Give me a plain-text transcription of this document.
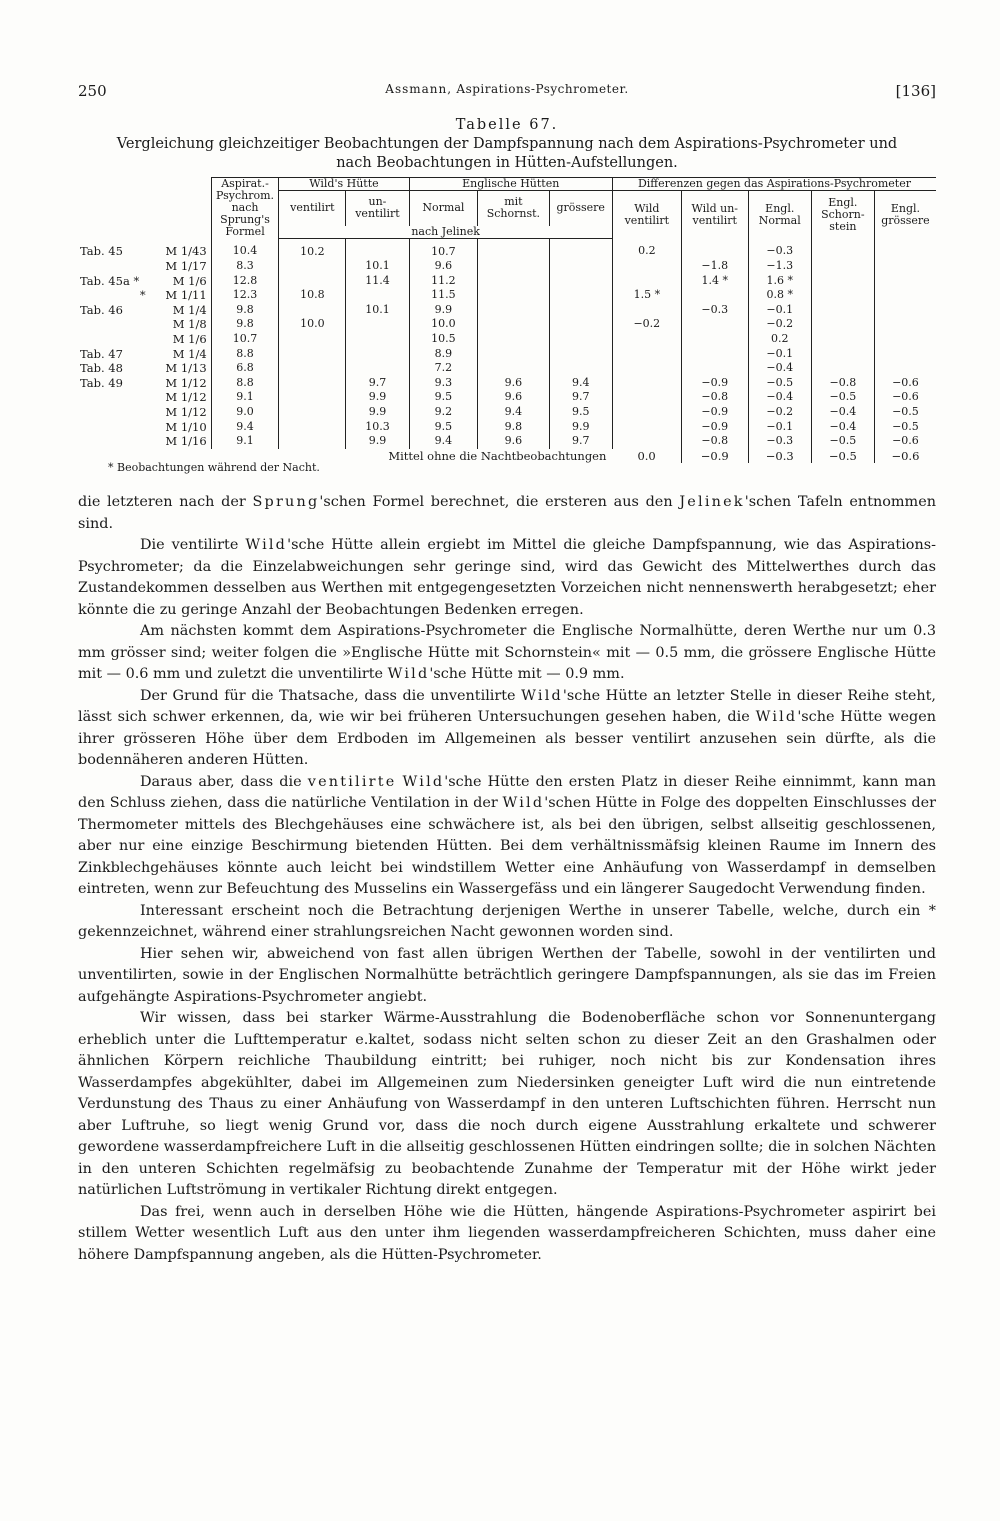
250	Assmann, Aspirations-Psychrometer.	[136]
Tabelle 67.
Vergleichung gleichzeitiger Beobachtungen der Dampfspannung nach dem Aspirations-Psychrometer und
nach Beobachtungen in Hütten-Aufstellungen.
		Aspirat.-Psychrom. nach Sprung's Formel	Wild's Hütte		Englische Hütten			Differenzen gegen das Aspirations-Psychrometer				
			ventilirt	un-ventilirt	Normal	mit Schornst.	grössere	Wild ventilirt	Wild un-ventilirt	Engl. Normal	Engl. Schorn-stein	Engl. grössere
			nach Jelinek									
Tab. 45	M 1/43	10.4	10.2		10.7			0.2		−0.3		
	M 1/17	8.3		10.1	9.6				−1.8	−1.3		
Tab. 45a *	M 1/6	12.8		11.4	11.2				1.4 *	1.6 *		
*	M 1/11	12.3	10.8		11.5			1.5 *		0.8 *		
Tab. 46	M 1/4	9.8		10.1	9.9				−0.3	−0.1		
	M 1/8	9.8	10.0		10.0			−0.2		−0.2		
	M 1/6	10.7			10.5					0.2		
Tab. 47	M 1/4	8.8			8.9					−0.1		
Tab. 48	M 1/13	6.8			7.2					−0.4		
Tab. 49	M 1/12	8.8		9.7	9.3	9.6	9.4		−0.9	−0.5	−0.8	−0.6
	M 1/12	9.1		9.9	9.5	9.6	9.7		−0.8	−0.4	−0.5	−0.6
	M 1/12	9.0		9.9	9.2	9.4	9.5		−0.9	−0.2	−0.4	−0.5
	M 1/10	9.4		10.3	9.5	9.8	9.9		−0.9	−0.1	−0.4	−0.5
	M 1/16	9.1		9.9	9.4	9.6	9.7		−0.8	−0.3	−0.5	−0.6
Mittel ohne die Nachtbeobachtungen								0.0	−0.9	−0.3	−0.5	−0.6
* Beobachtungen während der Nacht.

die letzteren nach der Sprung'schen Formel berechnet, die ersteren aus den Jelinek'schen Tafeln entnommen sind.

Die ventilirte Wild'sche Hütte allein ergiebt im Mittel die gleiche Dampfspannung, wie das Aspirations-Psychrometer; da die Einzelabweichungen sehr geringe sind, wird das Gewicht des Mittelwerthes durch das Zustandekommen desselben aus Werthen mit entgegengesetzten Vorzeichen nicht nennenswerth herabgesetzt; eher könnte die zu geringe Anzahl der Beobachtungen Bedenken erregen.

Am nächsten kommt dem Aspirations-Psychrometer die Englische Normalhütte, deren Werthe nur um 0.3 mm grösser sind; weiter folgen die »Englische Hütte mit Schornstein« mit — 0.5 mm, die grössere Englische Hütte mit — 0.6 mm und zuletzt die unventilirte Wild'sche Hütte mit — 0.9 mm.

Der Grund für die Thatsache, dass die unventilirte Wild'sche Hütte an letzter Stelle in dieser Reihe steht, lässt sich schwer erkennen, da, wie wir bei früheren Untersuchungen gesehen haben, die Wild'sche Hütte wegen ihrer grösseren Höhe über dem Erdboden im Allgemeinen als besser ventilirt anzusehen sein dürfte, als die bodennäheren anderen Hütten.

Daraus aber, dass die ventilirte Wild'sche Hütte den ersten Platz in dieser Reihe einnimmt, kann man den Schluss ziehen, dass die natürliche Ventilation in der Wild'schen Hütte in Folge des doppelten Einschlusses der Thermometer mittels des Blechgehäuses eine schwächere ist, als bei den übrigen, selbst allseitig geschlossenen, aber nur eine einzige Beschirmung bietenden Hütten. Bei dem verhältnissmäfsig kleinen Raume im Innern des Zinkblechgehäuses könnte auch leicht bei windstillem Wetter eine Anhäufung von Wasserdampf in demselben eintreten, wenn zur Befeuchtung des Musselins ein Wassergefäss und ein längerer Saugedocht Verwendung finden.

Interessant erscheint noch die Betrachtung derjenigen Werthe in unserer Tabelle, welche, durch ein * gekennzeichnet, während einer strahlungsreichen Nacht gewonnen worden sind.

Hier sehen wir, abweichend von fast allen übrigen Werthen der Tabelle, sowohl in der ventilirten und unventilirten, sowie in der Englischen Normalhütte beträchtlich geringere Dampfspannungen, als sie das im Freien aufgehängte Aspirations-Psychrometer angiebt.

Wir wissen, dass bei starker Wärme-Ausstrahlung die Bodenoberfläche schon vor Sonnenuntergang erheblich unter die Lufttemperatur e.kaltet, sodass nicht selten schon zu dieser Zeit an den Grashalmen oder ähnlichen Körpern reichliche Thaubildung eintritt; bei ruhiger, noch nicht bis zur Kondensation ihres Wasserdampfes abgekühlter, dabei im Allgemeinen zum Niedersinken geneigter Luft wird die nun eintretende Verdunstung des Thaus zu einer Anhäufung von Wasserdampf in den unteren Luftschichten führen. Herrscht nun aber Luftruhe, so liegt wenig Grund vor, dass die noch durch eigene Ausstrahlung erkaltete und schwerer gewordene wasserdampfreichere Luft in die allseitig geschlossenen Hütten eindringen sollte; die in solchen Nächten in den unteren Schichten regelmäfsig zu beobachtende Zunahme der Temperatur mit der Höhe wirkt jeder natürlichen Luftströmung in vertikaler Richtung direkt entgegen.

Das frei, wenn auch in derselben Höhe wie die Hütten, hängende Aspirations-Psychrometer aspirirt bei stillem Wetter wesentlich Luft aus den unter ihm liegenden wasserdampfreicheren Schichten, muss daher eine höhere Dampfspannung angeben, als die Hütten-Psychrometer.
